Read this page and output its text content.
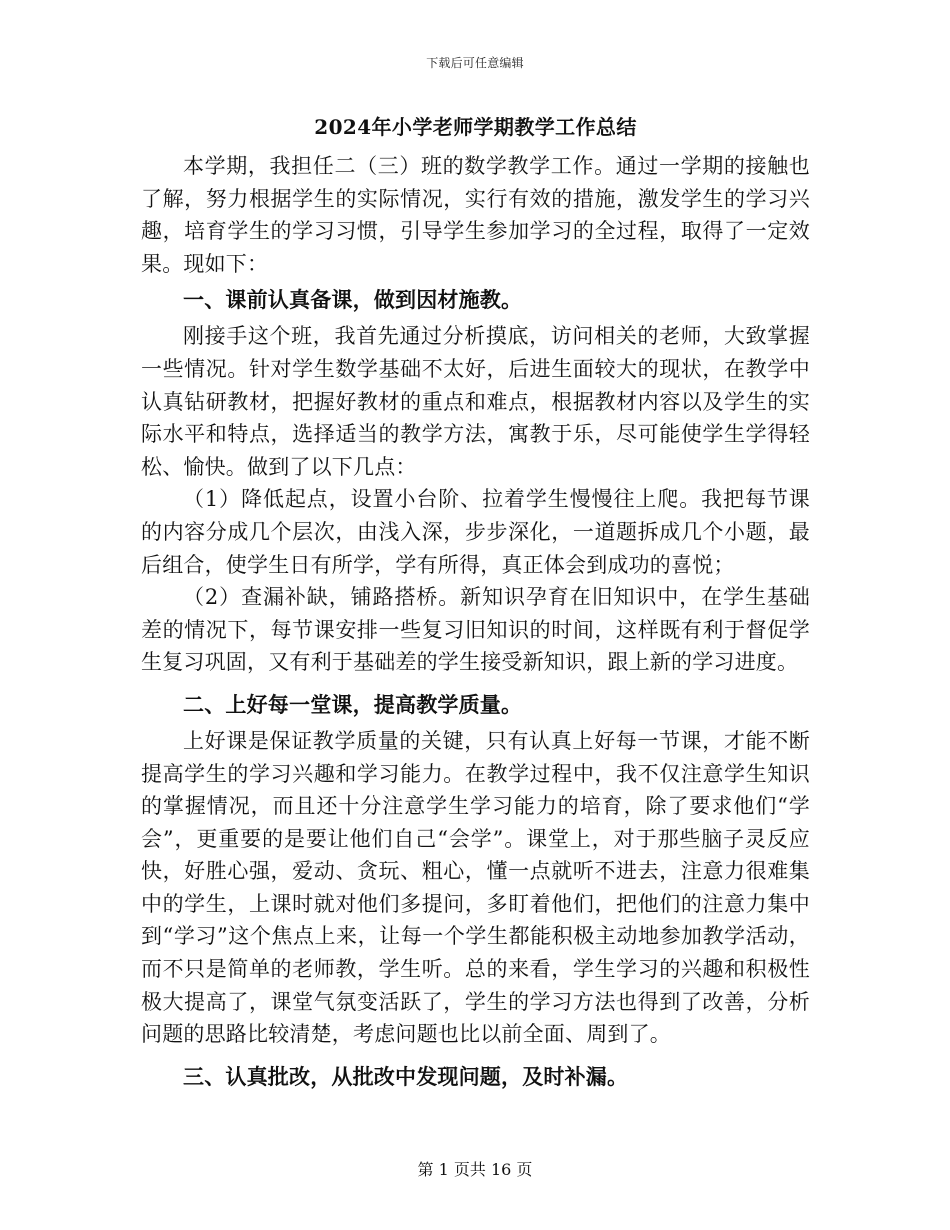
下载后可任意编辑
2024年小学老师学期教学工作总结

本学期，我担任二（三）班的数学教学工作。通过一学期的接触也了解，努力根据学生的实际情况，实行有效的措施，激发学生的学习兴趣，培育学生的学习习惯，引导学生参加学习的全过程，取得了一定效果。现如下：

一、课前认真备课，做到因材施教。

刚接手这个班，我首先通过分析摸底，访问相关的老师，大致掌握一些情况。针对学生数学基础不太好，后进生面较大的现状，在教学中认真钻研教材，把握好教材的重点和难点，根据教材内容以及学生的实际水平和特点，选择适当的教学方法，寓教于乐，尽可能使学生学得轻松、愉快。做到了以下几点：

（1）降低起点，设置小台阶、拉着学生慢慢往上爬。我把每节课的内容分成几个层次，由浅入深，步步深化，一道题拆成几个小题，最后组合，使学生日有所学，学有所得，真正体会到成功的喜悦；

（2）查漏补缺，铺路搭桥。新知识孕育在旧知识中，在学生基础差的情况下，每节课安排一些复习旧知识的时间，这样既有利于督促学生复习巩固，又有利于基础差的学生接受新知识，跟上新的学习进度。

二、上好每一堂课，提高教学质量。

上好课是保证教学质量的关键，只有认真上好每一节课，才能不断提高学生的学习兴趣和学习能力。在教学过程中，我不仅注意学生知识的掌握情况，而且还十分注意学生学习能力的培育，除了要求他们“学会”，更重要的是要让他们自己“会学”。课堂上，对于那些脑子灵反应快，好胜心强，爱动、贪玩、粗心，懂一点就听不进去，注意力很难集中的学生，上课时就对他们多提问，多盯着他们，把他们的注意力集中到“学习”这个焦点上来，让每一个学生都能积极主动地参加教学活动，而不只是简单的老师教，学生听。总的来看，学生学习的兴趣和积极性极大提高了，课堂气氛变活跃了，学生的学习方法也得到了改善，分析问题的思路比较清楚，考虑问题也比以前全面、周到了。

三、认真批改，从批改中发现问题，及时补漏。

第 1 页共 16 页
